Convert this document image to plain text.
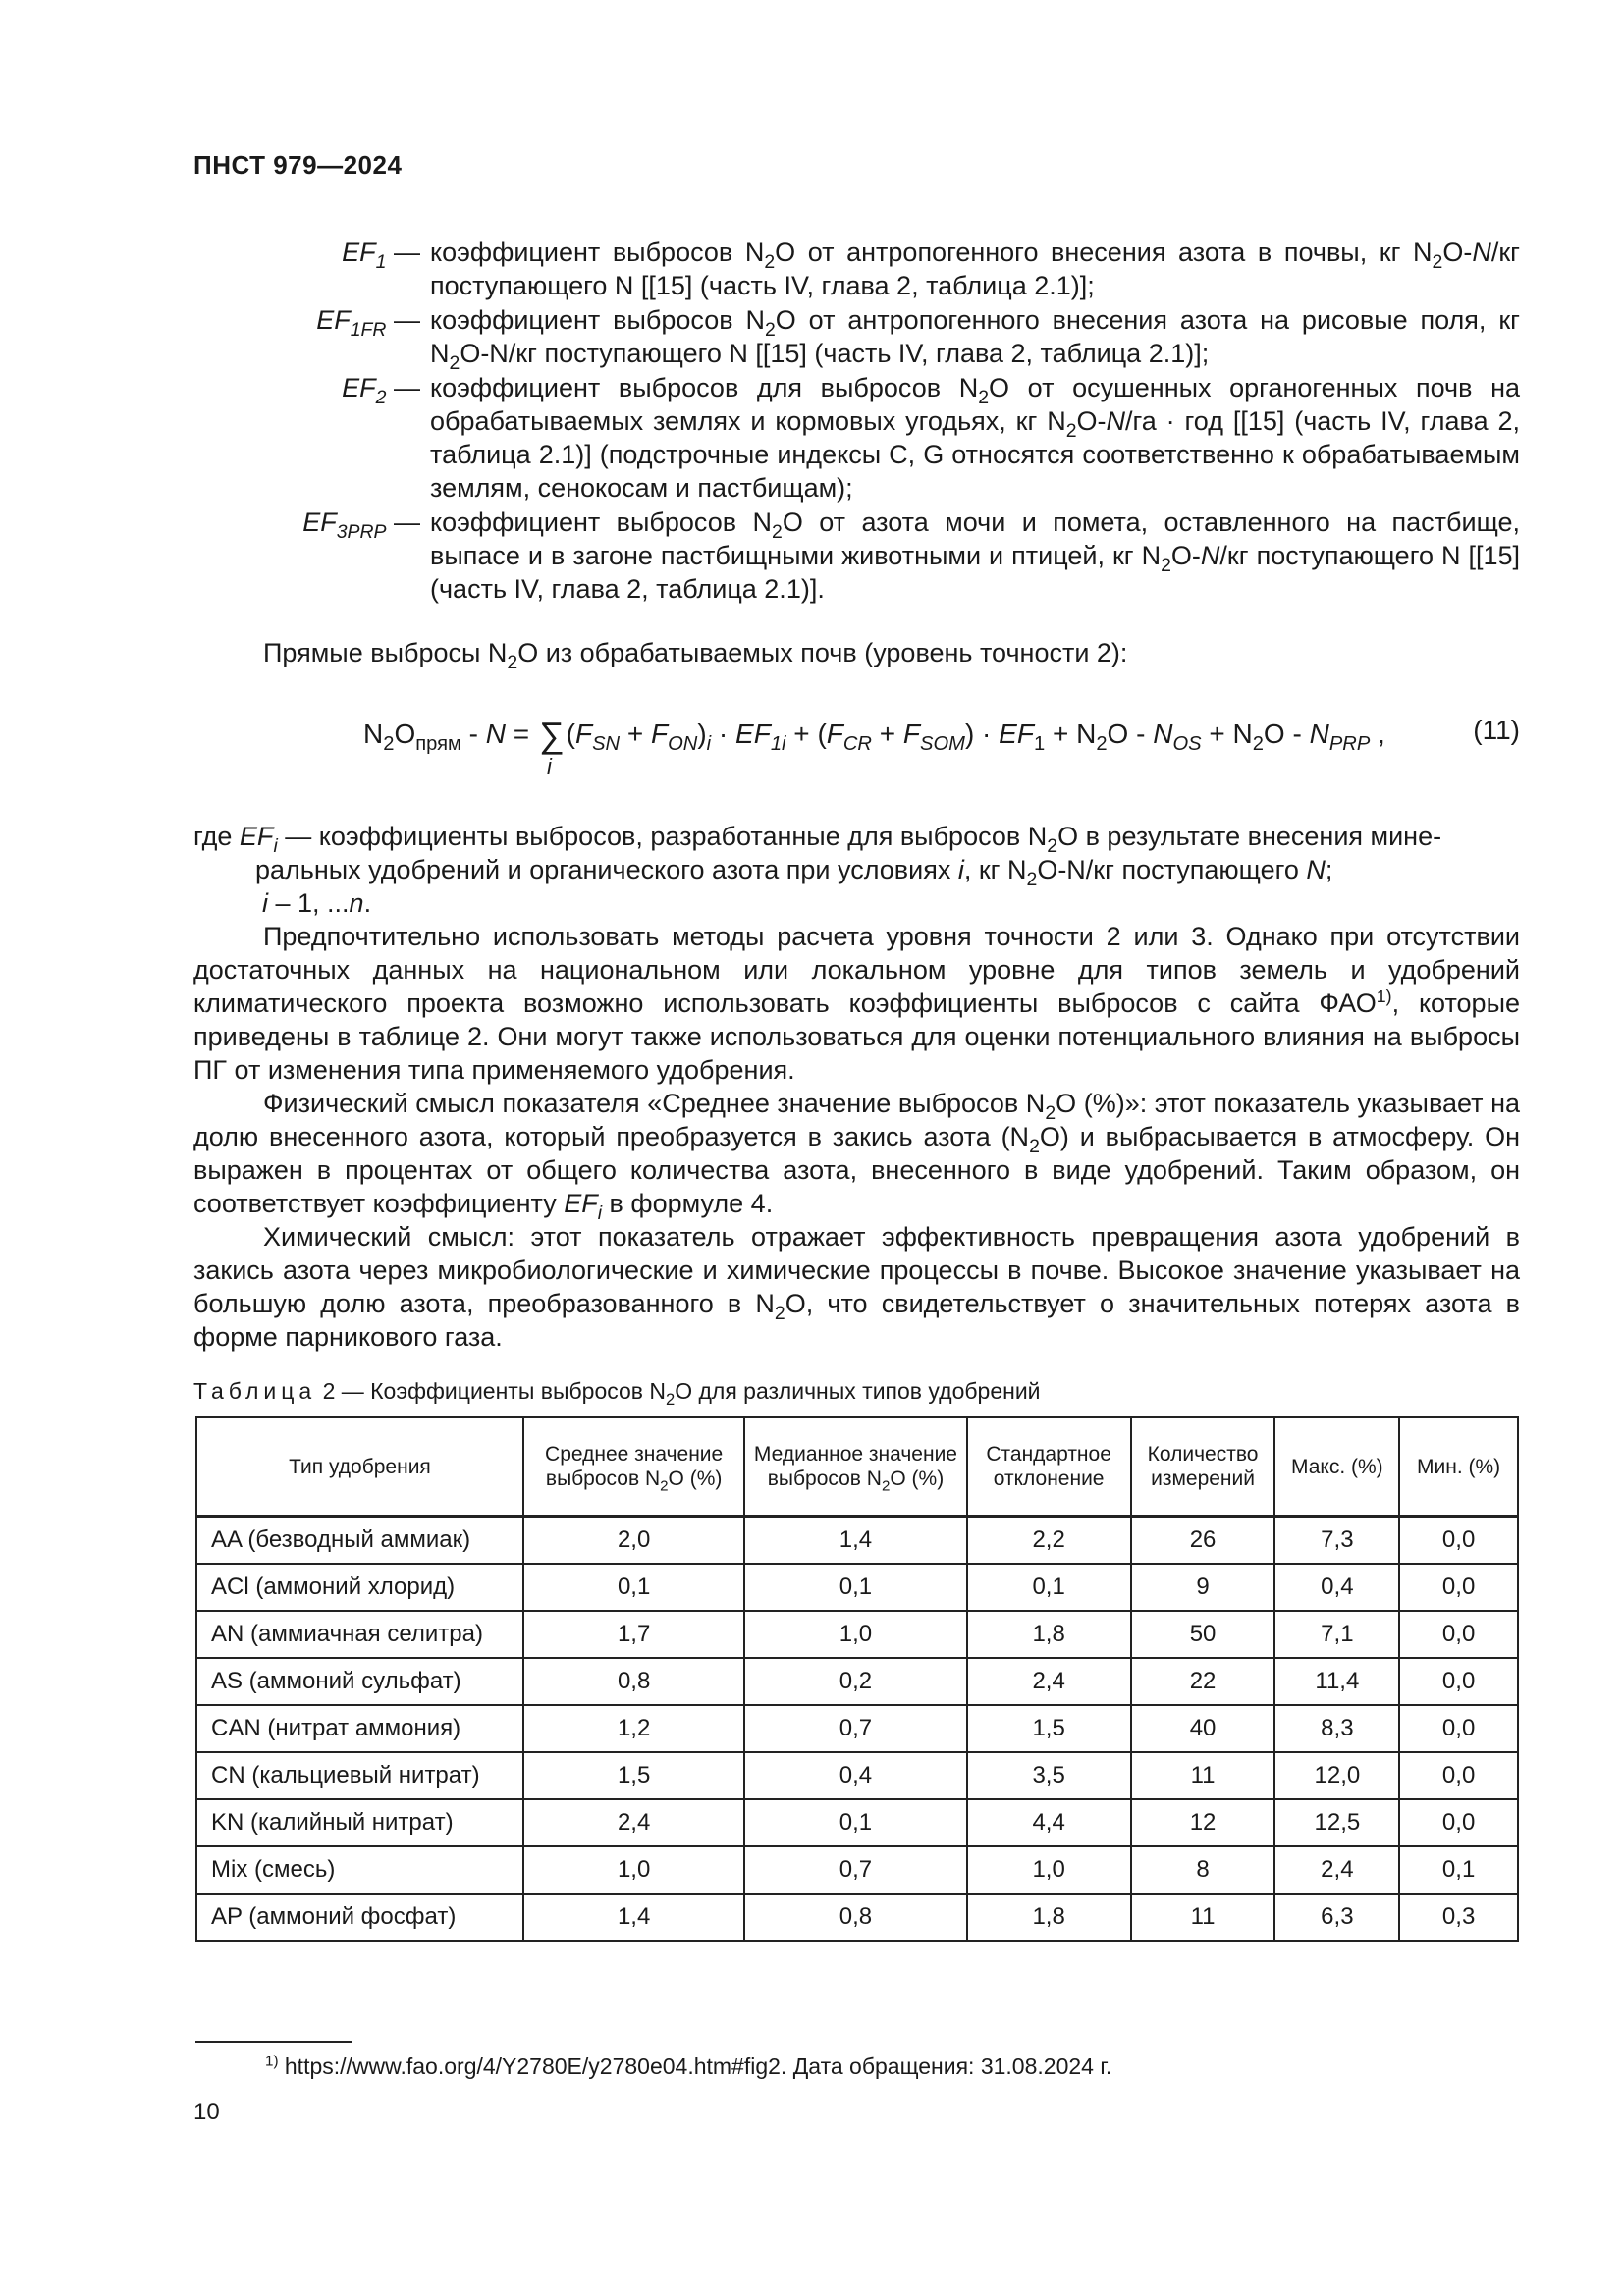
ПНСТ 979—2024
$EF_1$ — коэффициент выбросов $N_2O$ от антропогенного внесения азота в почвы, кг $N_2O-N/кг$ поступающего N [[15] (часть IV, глава 2, таблица 2.1)];
$EF_{1FR}$ — коэффициент выбросов $N_2O$ от антропогенного внесения азота на рисовые поля, кг $N_2O-N/кг$ поступающего N [[15] (часть IV, глава 2, таблица 2.1)];
$EF_2$ — коэффициент выбросов для выбросов $N_2O$ от осушенных органогенных почв на обрабатываемых землях и кормовых угодьях, кг $N_2O-N/га$ · год [[15] (часть IV, глава 2, таблица 2.1)] (подстрочные индексы C, G относятся соответственно к обрабатываемым землям, сенокосам и пастбищам);
$EF_{3PRP}$ — коэффициент выбросов $N_2O$ от азота мочи и помета, оставленного на пастбище, выпасе и в загоне пастбищными животными и птицей, кг $N_2O-N/кг$ поступающего N [[15] (часть IV, глава 2, таблица 2.1)].
Прямые выбросы $N_2O$ из обрабатываемых почв (уровень точности 2):
$N_2O_{прям}$ - N = ∑
i
$(F_{SN} + F_{ON})_i \cdot EF_{1i} + (F_{CR} + F_{SOM}) \cdot EF_1 + N_2O - N_{OS} + N_2O - N_{PRP}$ ,	(11)
где $EF_i$ — коэффициенты выбросов, разработанные для выбросов $N_2O$ в результате внесения мине-
ральных удобрений и органического азота при условиях i, кг $N_2O-N/кг$ поступающего N;
i – 1, ...n.

Предпочтительно использовать методы расчета уровня точности 2 или 3. Однако при отсутствии достаточных данных на национальном или локальном уровне для типов земель и удобрений климатического проекта возможно использовать коэффициенты выбросов с сайта ФАО$^{1)}$, которые приведены в таблице 2. Они могут также использоваться для оценки потенциального влияния на выбросы ПГ от изменения типа применяемого удобрения.

Физический смысл показателя «Среднее значение выбросов $N_2O$ (%)»: этот показатель указывает на долю внесенного азота, который преобразуется в закись азота $(N_2O)$ и выбрасывается в атмосферу. Он выражен в процентах от общего количества азота, внесенного в виде удобрений. Таким образом, он соответствует коэффициенту $EF_i$ в формуле 4.

Химический смысл: этот показатель отражает эффективность превращения азота удобрений в закись азота через микробиологические и химические процессы в почве. Высокое значение указывает на большую долю азота, преобразованного в $N_2O$, что свидетельствует о значительных потерях азота в форме парникового газа.

Таблица 2 — Коэффициенты выбросов $N_2O$ для различных типов удобрений
Тип удобрения	Среднее значение выбросов $N_2O$ (%)	Медианное значение выбросов $N_2O$ (%)	Стандартное отклонение	Количество измерений	Макс. (%)	Мин. (%)
AA (безводный аммиак)	2,0	1,4	2,2	26	7,3	0,0
ACl (аммоний хлорид)	0,1	0,1	0,1	9	0,4	0,0
AN (аммиачная селитра)	1,7	1,0	1,8	50	7,1	0,0
AS (аммоний сульфат)	0,8	0,2	2,4	22	11,4	0,0
CAN (нитрат аммония)	1,2	0,7	1,5	40	8,3	0,0
CN (кальциевый нитрат)	1,5	0,4	3,5	11	12,0	0,0
KN (калийный нитрат)	2,4	0,1	4,4	12	12,5	0,0
Mix (смесь)	1,0	0,7	1,0	8	2,4	0,1
AP (аммоний фосфат)	1,4	0,8	1,8	11	6,3	0,3
$^{1)}$ https://www.fao.org/4/Y2780E/y2780e04.htm#fig2. Дата обращения: 31.08.2024 г.
10
